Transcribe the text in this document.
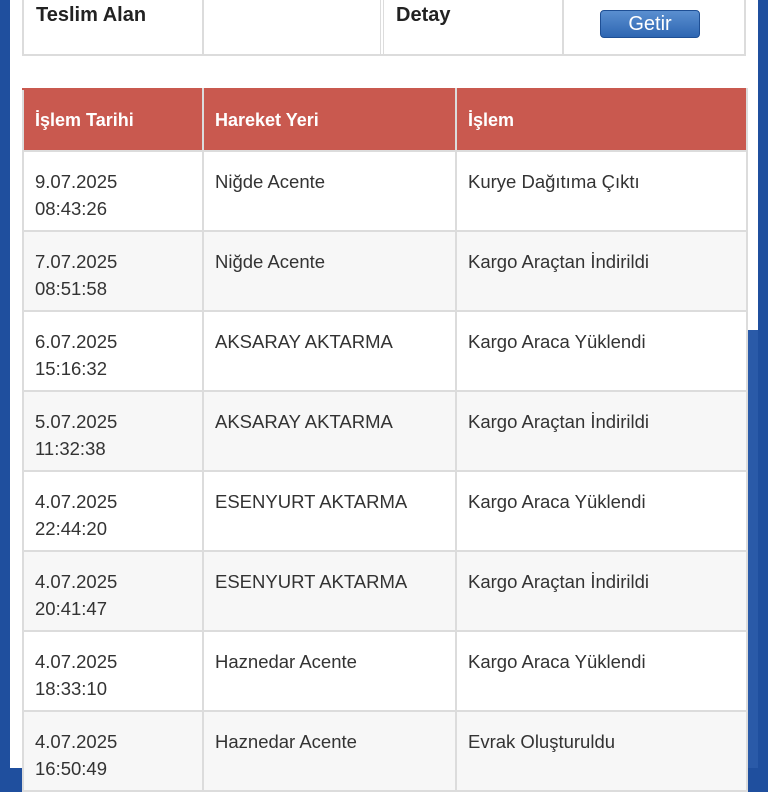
Teslim Alan	Detay	Getir
İşlem Tarihi	Hareket Yeri	İşlem

9.07.2025
08:43:26	Niğde Acente	Kurye Dağıtıma Çıktı

7.07.2025
08:51:58	Niğde Acente	Kargo Araçtan İndirildi

6.07.2025
15:16:32	AKSARAY AKTARMA	Kargo Araca Yüklendi

5.07.2025
11:32:38	AKSARAY AKTARMA	Kargo Araçtan İndirildi

4.07.2025
22:44:20	ESENYURT AKTARMA	Kargo Araca Yüklendi

4.07.2025
20:41:47	ESENYURT AKTARMA	Kargo Araçtan İndirildi

4.07.2025
18:33:10	Haznedar Acente	Kargo Araca Yüklendi

4.07.2025
16:50:49	Haznedar Acente	Evrak Oluşturuldu
